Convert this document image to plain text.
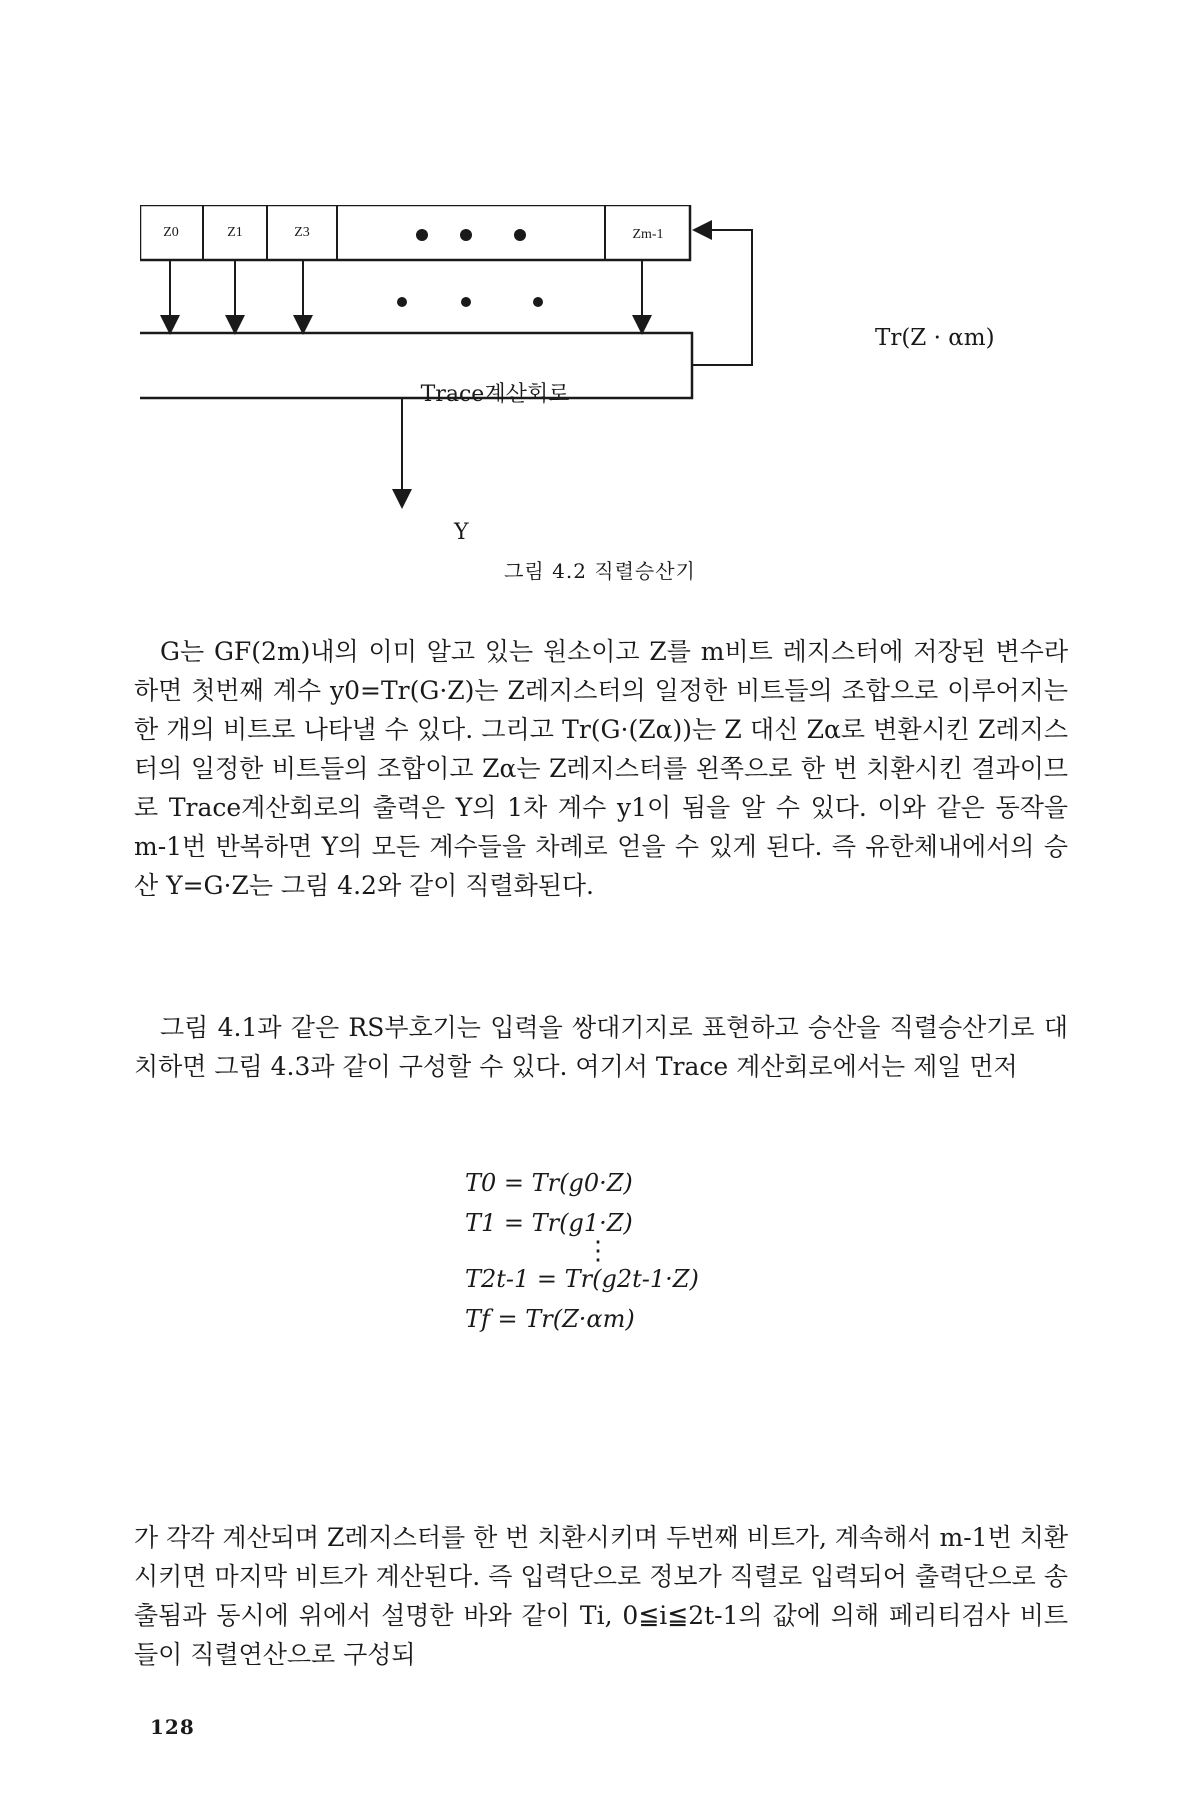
Z0	Z1	Z3	Zm-1
Trace계산회로
Tr(Z · αm)
Y
그림 4.2 직렬승산기
G는 GF(2m)내의 이미 알고 있는 원소이고 Z를 m비트 레지스터에 저장된 변수라 하면 첫번째 계수 y0=Tr(G·Z)는 Z레지스터의 일정한 비트들의 조합으로 이루어지는 한 개의 비트로 나타낼 수 있다. 그리고 Tr(G·(Zα))는 Z 대신 Zα로 변환시킨 Z레지스터의 일정한 비트들의 조합이고 Zα는 Z레지스터를 왼쪽으로 한 번 치환시킨 결과이므로 Trace계산회로의 출력은 Y의 1차 계수 y1이 됨을 알 수 있다. 이와 같은 동작을 m-1번 반복하면 Y의 모든 계수들을 차례로 얻을 수 있게 된다. 즉 유한체내에서의 승산 Y=G·Z는 그림 4.2와 같이 직렬화된다.
그림 4.1과 같은 RS부호기는 입력을 쌍대기지로 표현하고 승산을 직렬승산기로 대치하면 그림 4.3과 같이 구성할 수 있다. 여기서 Trace 계산회로에서는 제일 먼저
T0 = Tr(g0·Z)
T1 = Tr(g1·Z)
⋮
T2t-1 = Tr(g2t-1·Z)
Tf = Tr(Z·αm)
가 각각 계산되며 Z레지스터를 한 번 치환시키며 두번째 비트가, 계속해서 m-1번 치환시키면 마지막 비트가 계산된다. 즉 입력단으로 정보가 직렬로 입력되어 출력단으로 송출됨과 동시에 위에서 설명한 바와 같이 Ti, 0≦i≦2t-1의 값에 의해 페리티검사 비트들이 직렬연산으로 구성되
128
